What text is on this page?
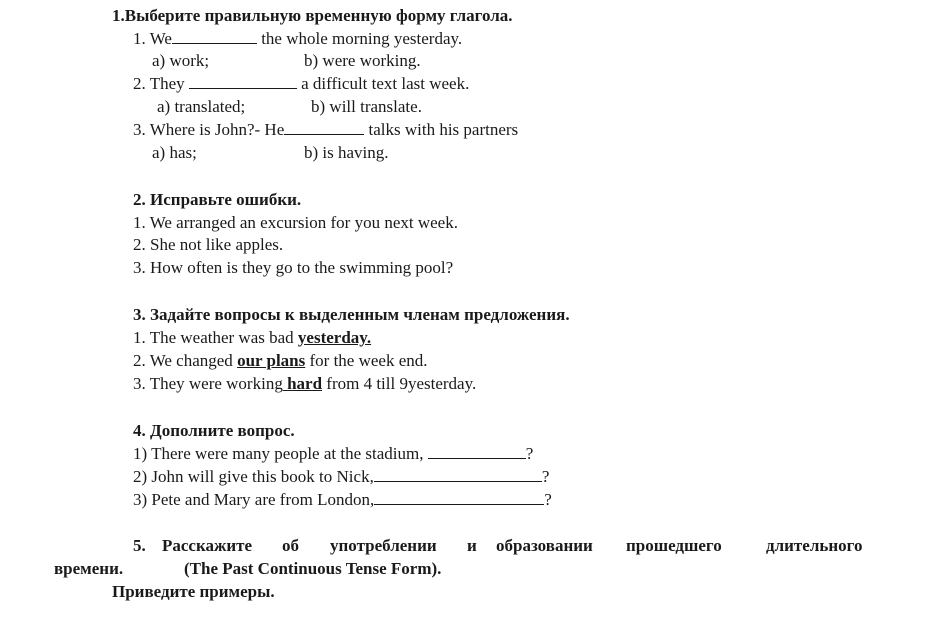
1.Выберите правильную временную форму глагола.
1. We	the whole morning yesterday.
a) work;	b) were working.
2. They	a difficult text last week.
a) translated;	b) will translate.
3. Where is John?- He	talks with his partners
a) has;	b) is having.
2. Исправьте ошибки.
1. We arranged an excursion for you next week.
2. She not like apples.
3. How often is they go to the swimming pool?
3. Задайте вопросы к выделенным членам предложения.
1. The weather was bad yesterday.
2. We changed our plans for the week end.
3. They were working hard from 4 till 9yesterday.
4. Дополните вопрос.
1) There were many people at the stadium,	?
2) John will give this book to Nick,	?
3) Pete and Mary are from London,	?
5. Расскажите об употреблении и образовании прошедшего	длительного
времени.	(The Past Continuous Tense Form).
Приведите примеры.
